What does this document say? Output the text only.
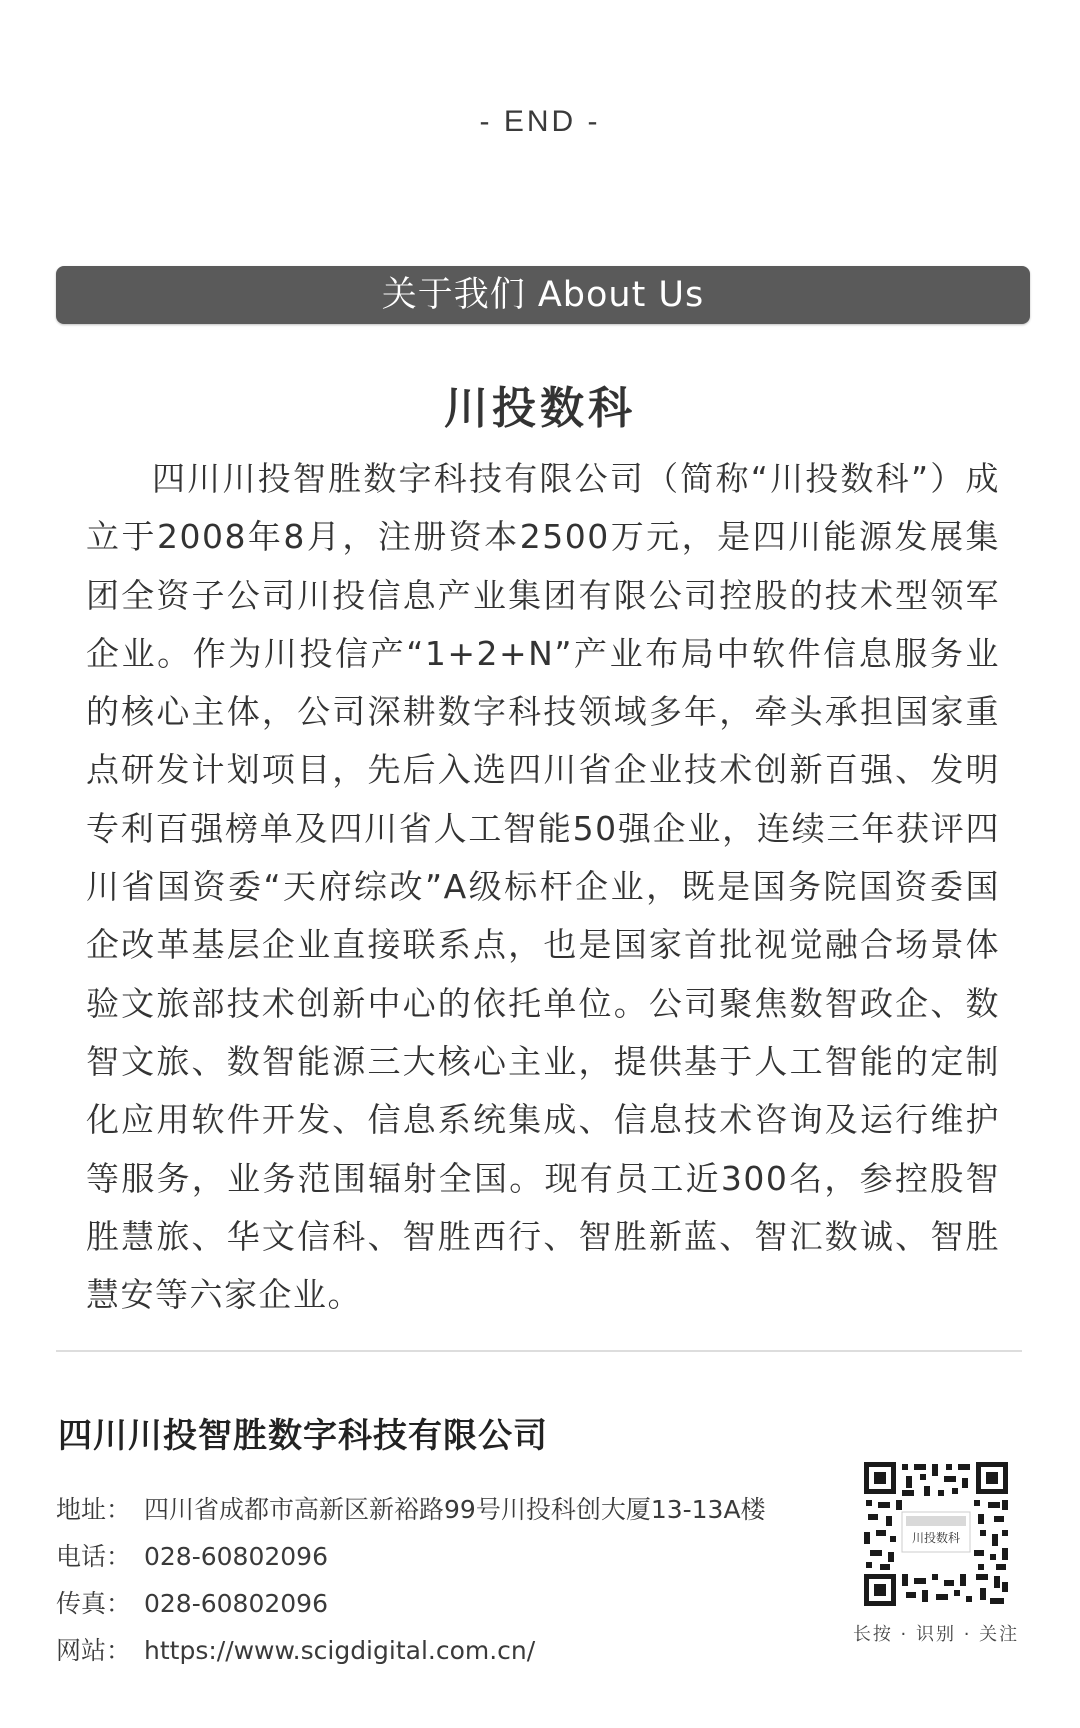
- END -
关于我们 About Us
川投数科

四川川投智胜数字科技有限公司（简称“川投数科”）成立于2008年8月，注册资本2500万元，是四川能源发展集团全资子公司川投信息产业集团有限公司控股的技术型领军企业。作为川投信产“1+2+N”产业布局中软件信息服务业的核心主体，公司深耕数字科技领域多年，牵头承担国家重点研发计划项目，先后入选四川省企业技术创新百强、发明专利百强榜单及四川省人工智能50强企业，连续三年获评四川省国资委“天府综改”A级标杆企业，既是国务院国资委国企改革基层企业直接联系点，也是国家首批视觉融合场景体验文旅部技术创新中心的依托单位。公司聚焦数智政企、数智文旅、数智能源三大核心主业，提供基于人工智能的定制化应用软件开发、信息系统集成、信息技术咨询及运行维护等服务，业务范围辐射全国。现有员工近300名，参控股智胜慧旅、华文信科、智胜西行、智胜新蓝、智汇数诚、智胜慧安等六家企业。

四川川投智胜数字科技有限公司
地址： 四川省成都市高新区新裕路99号川投科创大厦13-13A楼
电话： 028-60802096
传真： 028-60802096
网站： https://www.scigdigital.com.cn/
川投数科
长按 · 识别 · 关注
